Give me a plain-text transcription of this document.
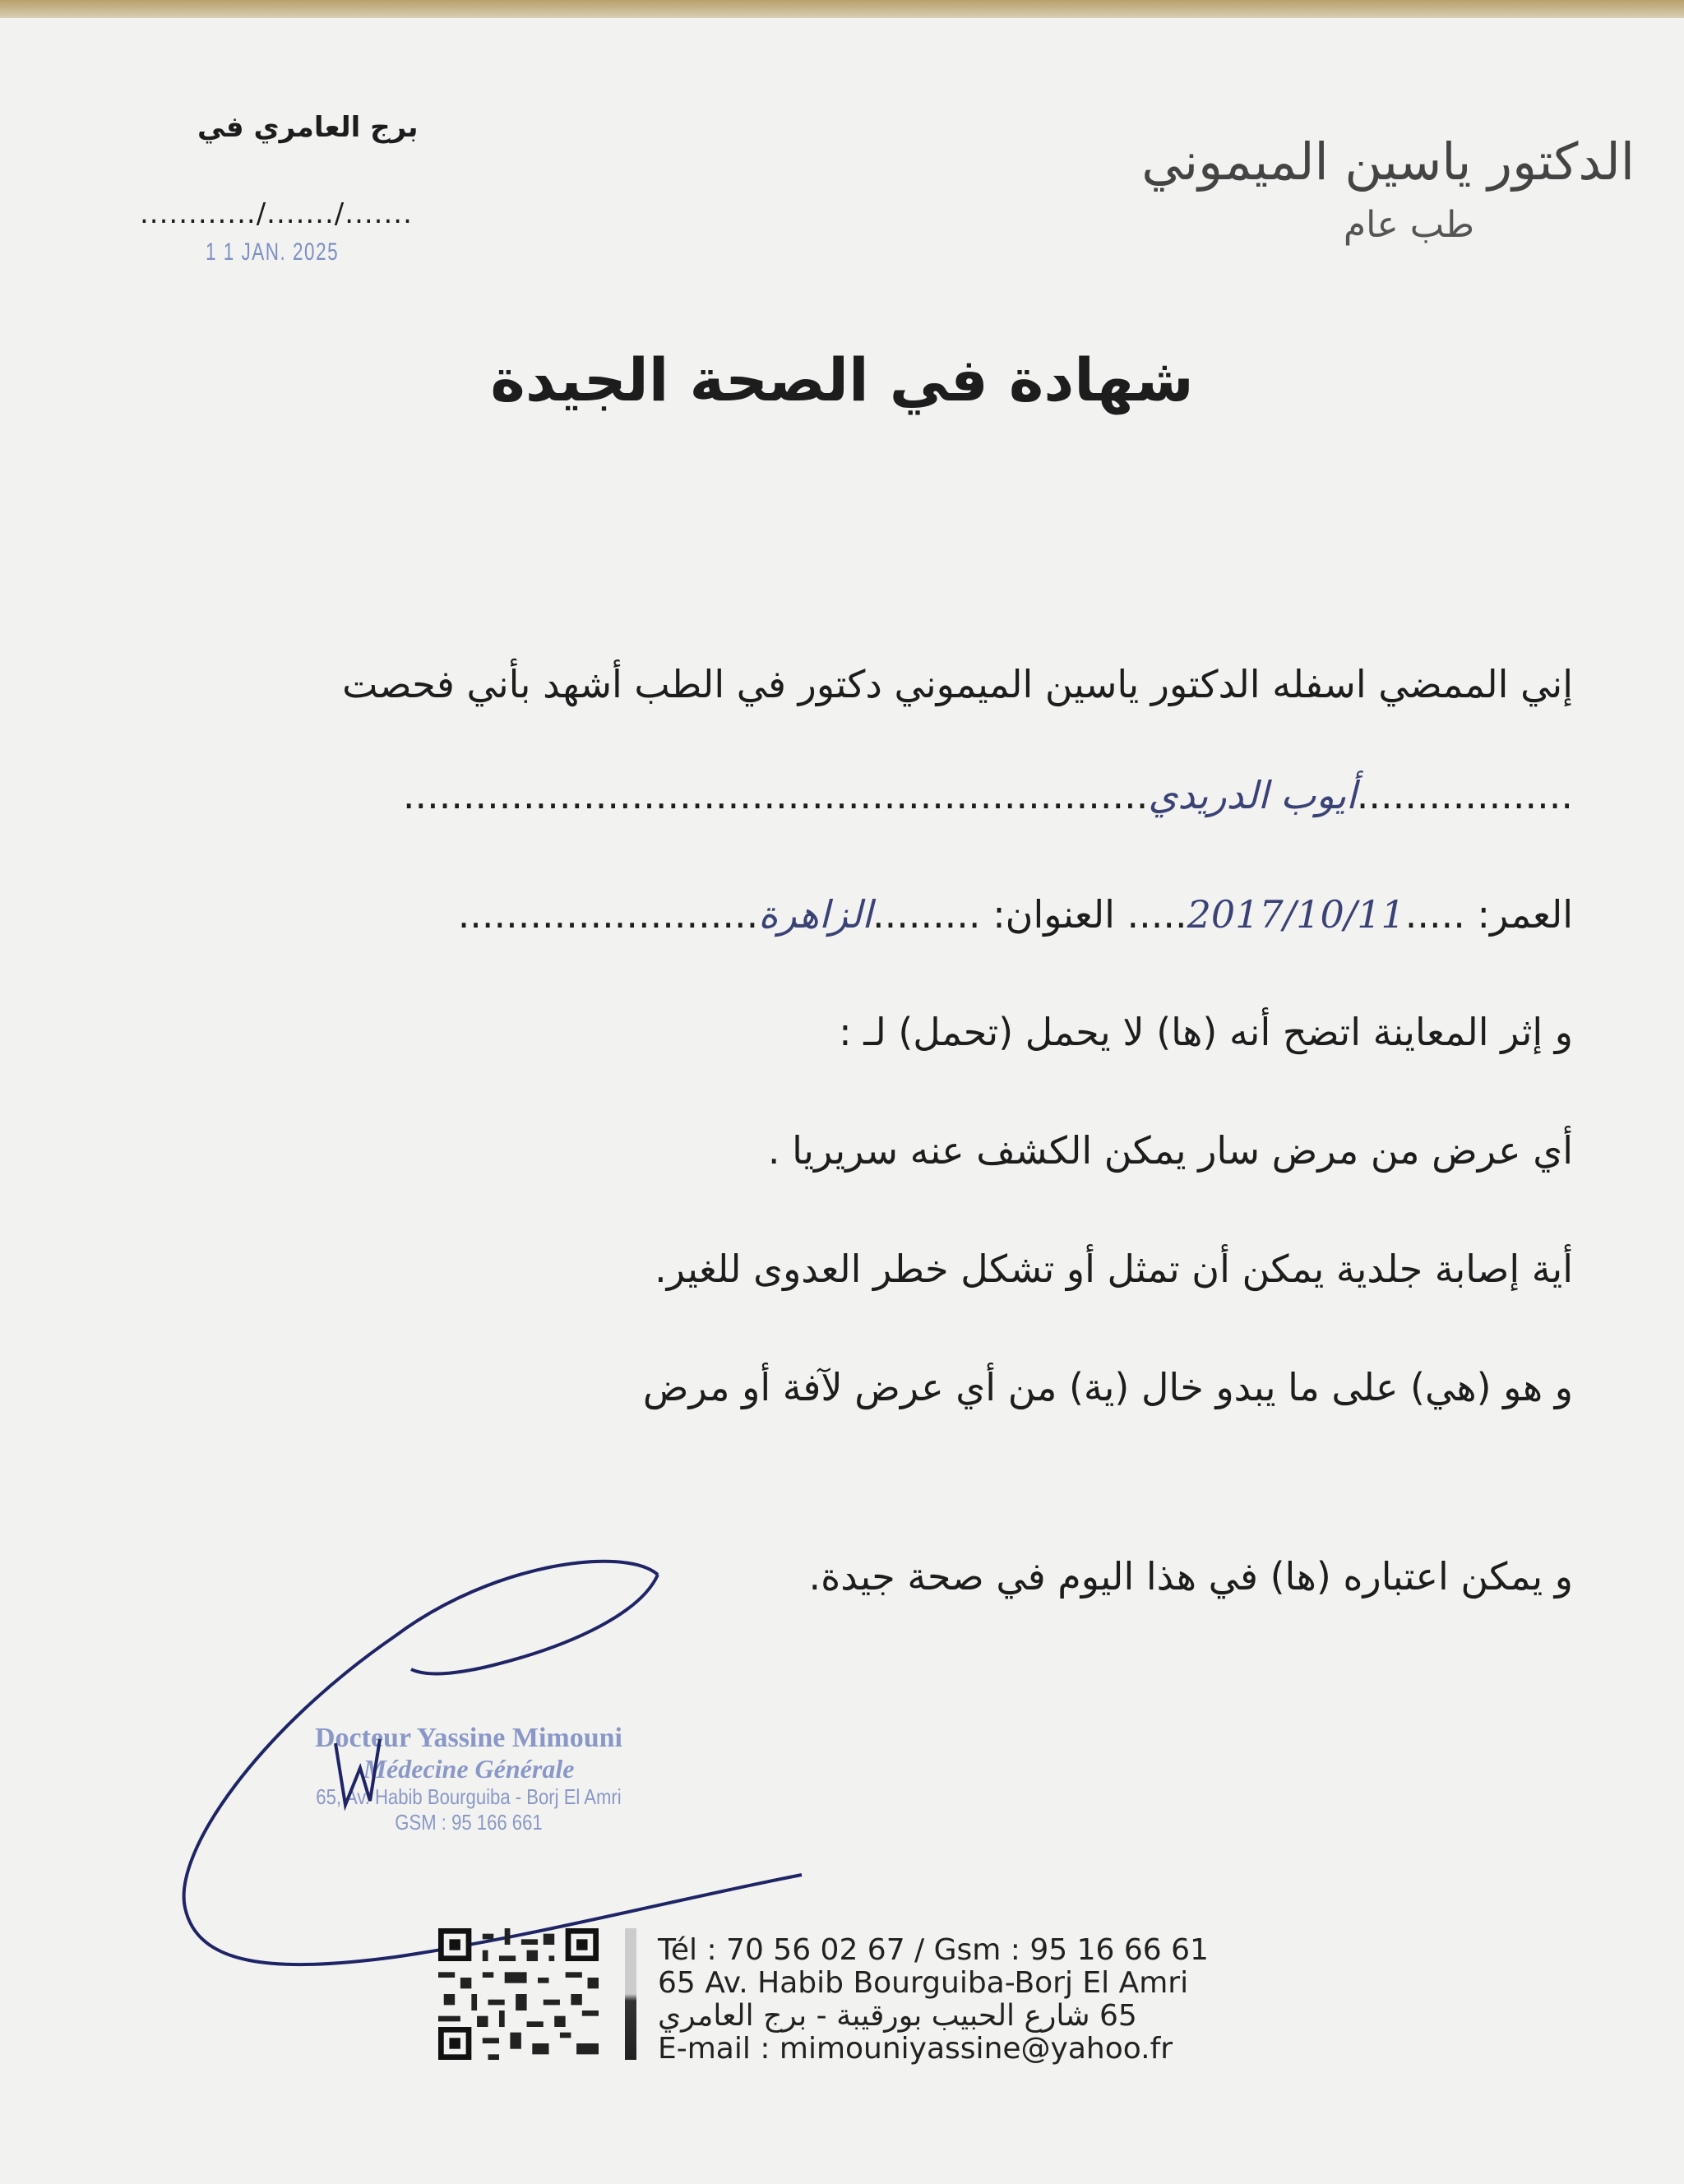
برج العامري في
............/......./.......
1 1 JAN. 2025
الدكتور ياسين الميموني
طب عام
شهادة في الصحة الجيدة
إني الممضي اسفله الدكتور ياسين الميموني دكتور في الطب أشهد بأني فحصت
..................أيوب الدريدي..............................................................
العمر: .....2017/10/11..... العنوان: .........الزاهرة.........................
و إثر المعاينة اتضح أنه (ها) لا يحمل (تحمل) لـ :
أي عرض من مرض سار يمكن الكشف عنه سريريا .
أية إصابة جلدية يمكن أن تمثل أو تشكل خطر العدوى للغير.
و هو (هي) على ما يبدو خال (ية) من أي عرض لآفة أو مرض
و يمكن اعتباره (ها) في هذا اليوم في صحة جيدة.
Docteur Yassine Mimouni
Médecine Générale
65, Av. Habib Bourguiba - Borj El Amri
GSM : 95 166 661
Tél : 70 56 02 67 / Gsm : 95 16 66 61
65 Av. Habib Bourguiba-Borj El Amri
65 شارع الحبيب بورقيبة - برج العامري
E-mail : mimouniyassine@yahoo.fr
